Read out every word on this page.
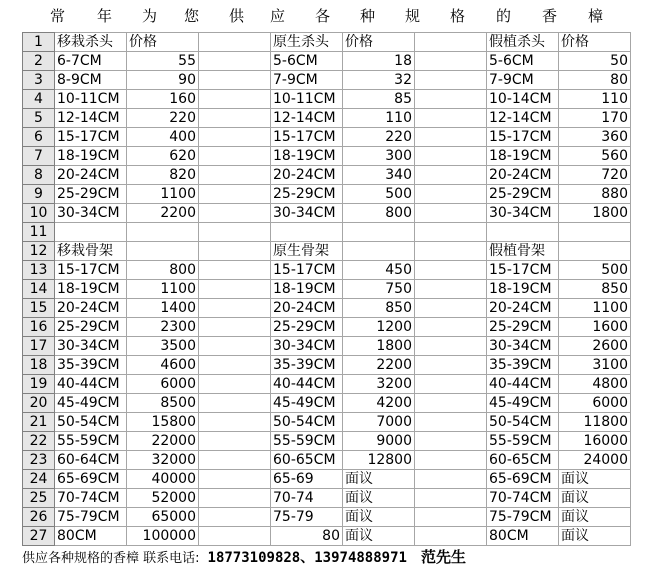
常 年 为 您 供 应 各 种 规 格 的 香 樟
1	移栽杀头	价格		原生杀头	价格		假植杀头	价格
2	6-7CM	55		5-6CM	18		5-6CM	50
3	8-9CM	90		7-9CM	32		7-9CM	80
4	10-11CM	160		10-11CM	85		10-14CM	110
5	12-14CM	220		12-14CM	110		12-14CM	170
6	15-17CM	400		15-17CM	220		15-17CM	360
7	18-19CM	620		18-19CM	300		18-19CM	560
8	20-24CM	820		20-24CM	340		20-24CM	720
9	25-29CM	1100		25-29CM	500		25-29CM	880
10	30-34CM	2200		30-34CM	800		30-34CM	1800
11								
12	移栽骨架			原生骨架			假植骨架	
13	15-17CM	800		15-17CM	450		15-17CM	500
14	18-19CM	1100		18-19CM	750		18-19CM	850
15	20-24CM	1400		20-24CM	850		20-24CM	1100
16	25-29CM	2300		25-29CM	1200		25-29CM	1600
17	30-34CM	3500		30-34CM	1800		30-34CM	2600
18	35-39CM	4600		35-39CM	2200		35-39CM	3100
19	40-44CM	6000		40-44CM	3200		40-44CM	4800
20	45-49CM	8500		45-49CM	4200		45-49CM	6000
21	50-54CM	15800		50-54CM	7000		50-54CM	11800
22	55-59CM	22000		55-59CM	9000		55-59CM	16000
23	60-64CM	32000		60-65CM	12800		60-65CM	24000
24	65-69CM	40000		65-69	面议		65-69CM	面议
25	70-74CM	52000		70-74	面议		70-74CM	面议
26	75-79CM	65000		75-79	面议		75-79CM	面议
27	80CM	100000		80	面议		80CM	面议
供应各种规格的香樟 联系电话: 18773109828、13974888971 范先生
